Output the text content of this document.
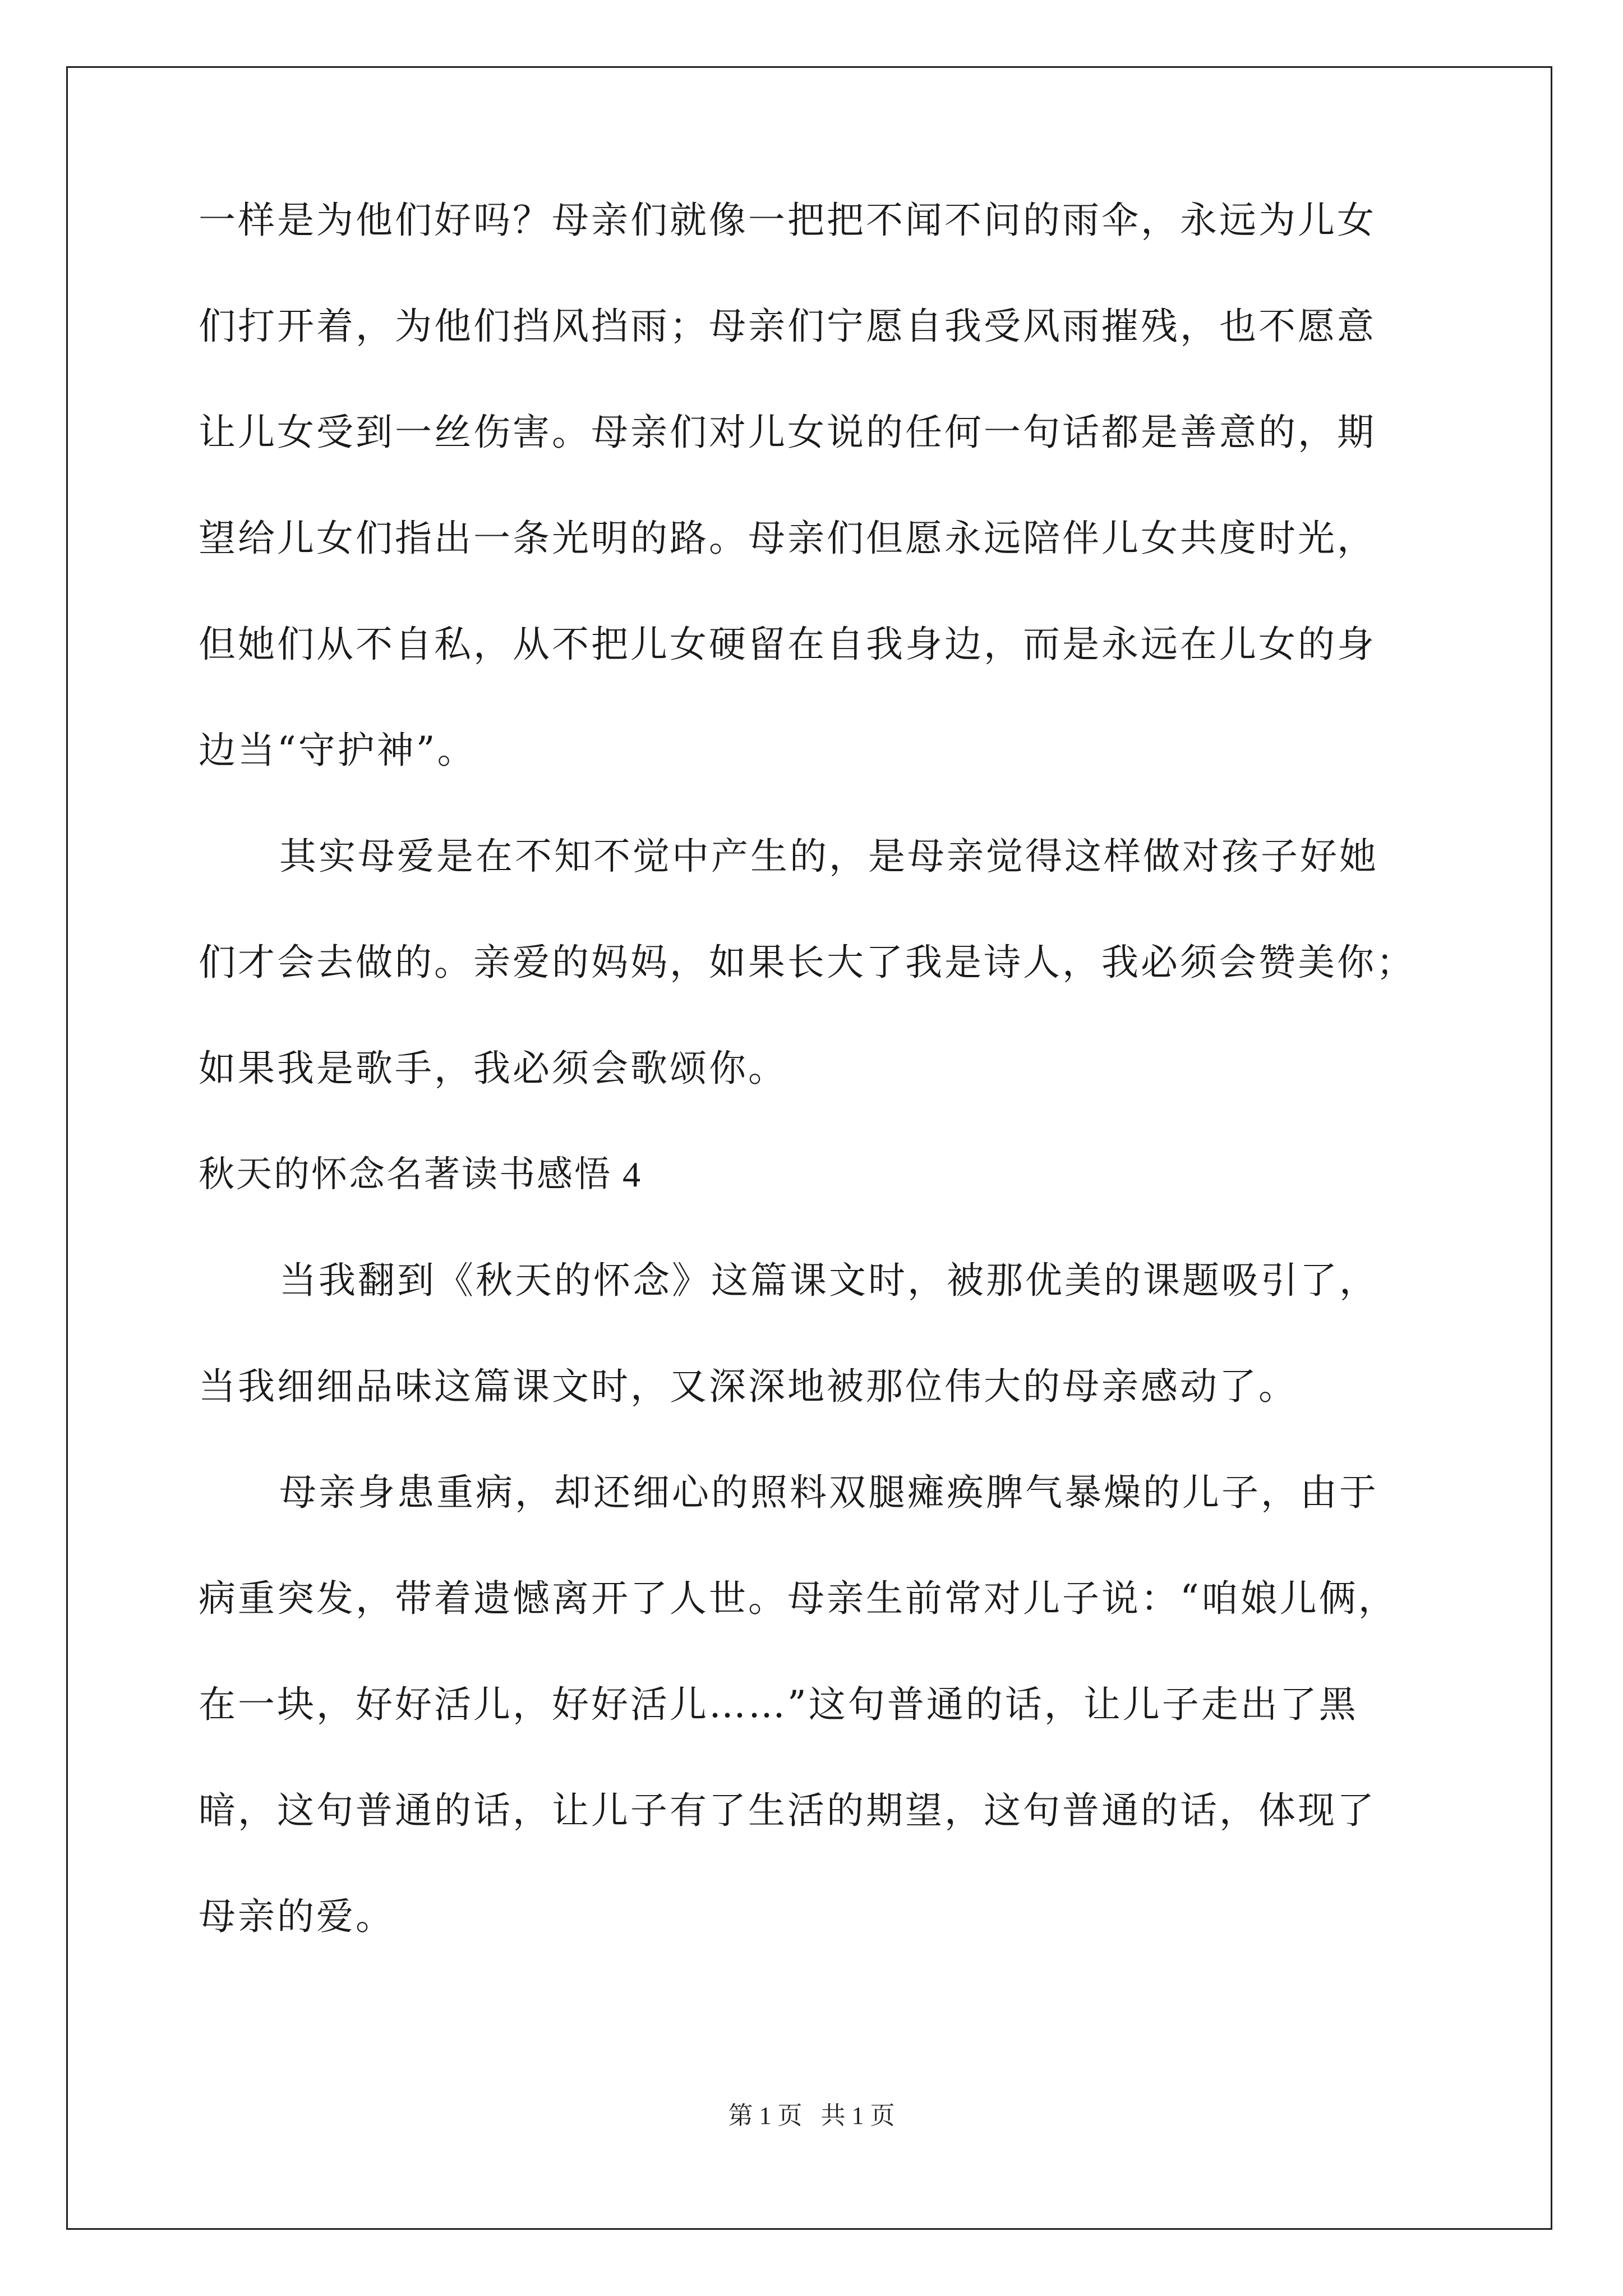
一样是为他们好吗？母亲们就像一把把不闻不问的雨伞，永远为儿女

们打开着，为他们挡风挡雨；母亲们宁愿自我受风雨摧残，也不愿意

让儿女受到一丝伤害。母亲们对儿女说的任何一句话都是善意的，期

望给儿女们指出一条光明的路。母亲们但愿永远陪伴儿女共度时光，

但她们从不自私，从不把儿女硬留在自我身边，而是永远在儿女的身

边当“守护神”。

其实母爱是在不知不觉中产生的，是母亲觉得这样做对孩子好她

们才会去做的。亲爱的妈妈，如果长大了我是诗人，我必须会赞美你；

如果我是歌手，我必须会歌颂你。

秋天的怀念名著读书感悟 4

当我翻到《秋天的怀念》这篇课文时，被那优美的课题吸引了，

当我细细品味这篇课文时，又深深地被那位伟大的母亲感动了。

母亲身患重病，却还细心的照料双腿瘫痪脾气暴燥的儿子，由于

病重突发，带着遗憾离开了人世。母亲生前常对儿子说：“咱娘儿俩，

在一块，好好活儿，好好活儿……”这句普通的话，让儿子走出了黑

暗，这句普通的话，让儿子有了生活的期望，这句普通的话，体现了

母亲的爱。

第 1 页   共 1 页
